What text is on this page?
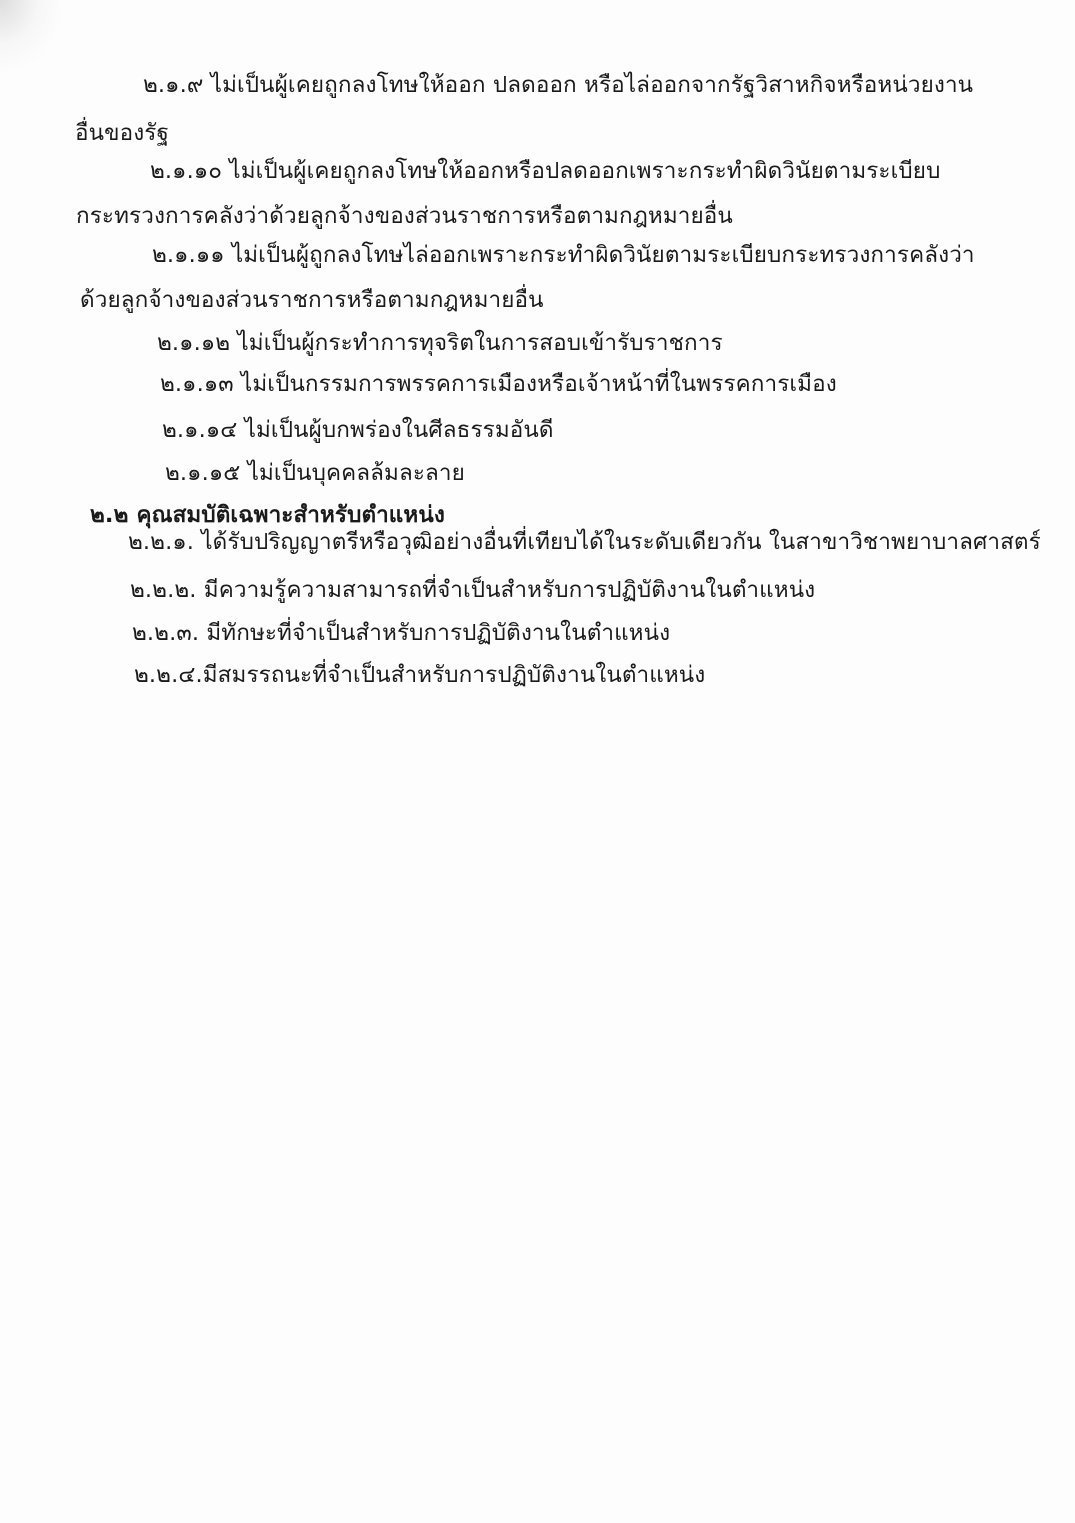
๒.๑.๙ ไม่เป็นผู้เคยถูกลงโทษให้ออก ปลดออก หรือไล่ออกจากรัฐวิสาหกิจหรือหน่วยงาน
อื่นของรัฐ
๒.๑.๑๐ ไม่เป็นผู้เคยถูกลงโทษให้ออกหรือปลดออกเพราะกระทำผิดวินัยตามระเบียบ
กระทรวงการคลังว่าด้วยลูกจ้างของส่วนราชการหรือตามกฎหมายอื่น
๒.๑.๑๑ ไม่เป็นผู้ถูกลงโทษไล่ออกเพราะกระทำผิดวินัยตามระเบียบกระทรวงการคลังว่า
ด้วยลูกจ้างของส่วนราชการหรือตามกฎหมายอื่น
๒.๑.๑๒ ไม่เป็นผู้กระทำการทุจริตในการสอบเข้ารับราชการ
๒.๑.๑๓ ไม่เป็นกรรมการพรรคการเมืองหรือเจ้าหน้าที่ในพรรคการเมือง
๒.๑.๑๔ ไม่เป็นผู้บกพร่องในศีลธรรมอันดี
๒.๑.๑๕ ไม่เป็นบุคคลล้มละลาย
๒.๒ คุณสมบัติเฉพาะสำหรับตำแหน่ง
๒.๒.๑. ได้รับปริญญาตรีหรือวุฒิอย่างอื่นที่เทียบได้ในระดับเดียวกัน ในสาขาวิชาพยาบาลศาสตร์
๒.๒.๒. มีความรู้ความสามารถที่จำเป็นสำหรับการปฏิบัติงานในตำแหน่ง
๒.๒.๓. มีทักษะที่จำเป็นสำหรับการปฏิบัติงานในตำแหน่ง
๒.๒.๔.มีสมรรถนะที่จำเป็นสำหรับการปฏิบัติงานในตำแหน่ง
